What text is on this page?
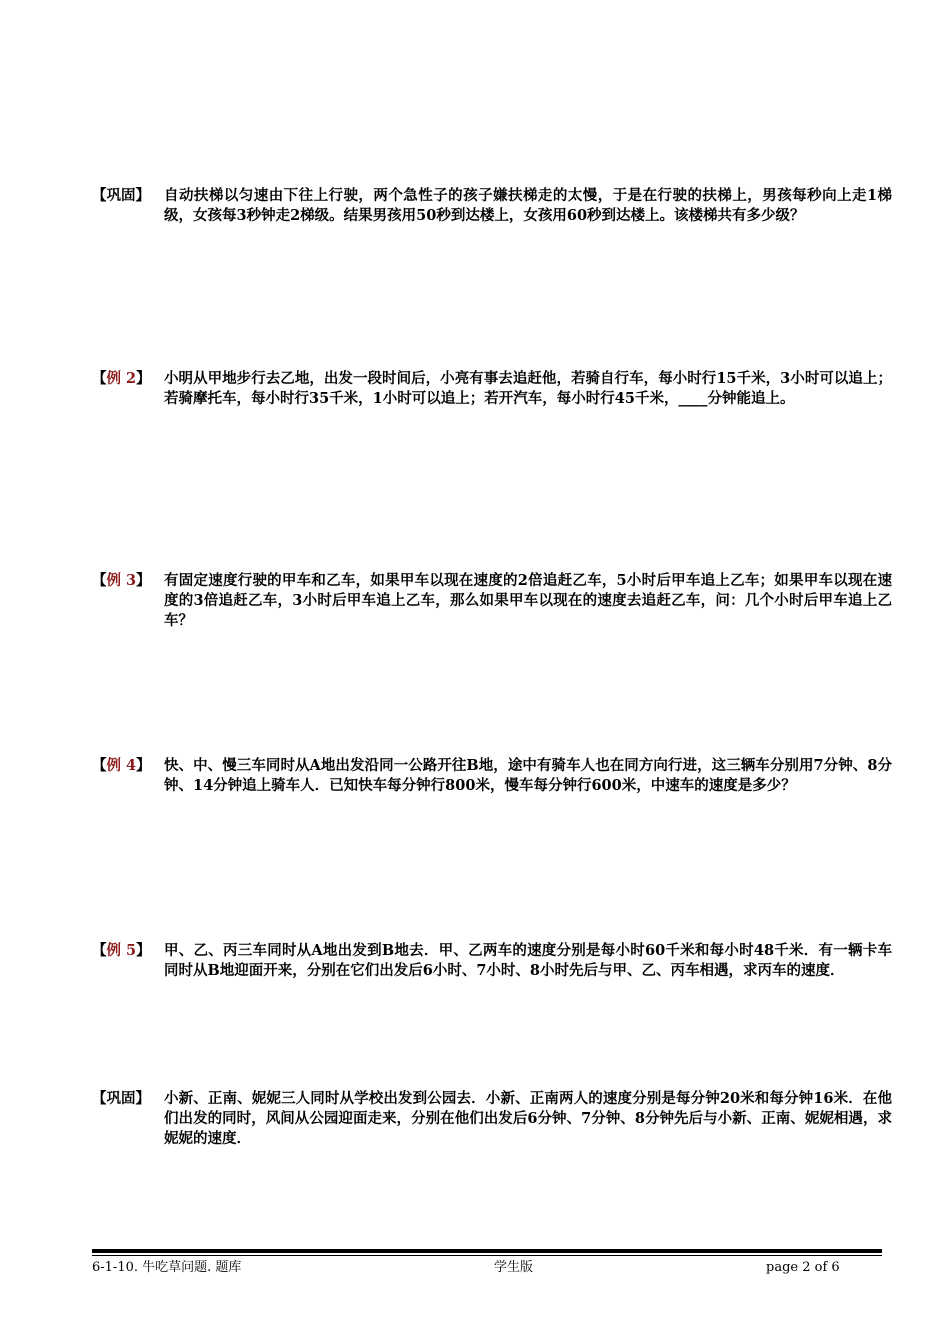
【巩固】 自动扶梯以匀速由下往上行驶，两个急性子的孩子嫌扶梯走的太慢，于是在行驶的扶梯上，男孩每秒向上走1梯级，女孩每3秒钟走2梯级。结果男孩用50秒到达楼上，女孩用60秒到达楼上。该楼梯共有多少级？
【例 2】 小明从甲地步行去乙地，出发一段时间后，小亮有事去追赶他，若骑自行车，每小时行15千米，3小时可以追上；若骑摩托车，每小时行35千米，1小时可以追上；若开汽车，每小时行45千米，____分钟能追上。
【例 3】 有固定速度行驶的甲车和乙车，如果甲车以现在速度的2倍追赶乙车，5小时后甲车追上乙车；如果甲车以现在速度的3倍追赶乙车，3小时后甲车追上乙车，那么如果甲车以现在的速度去追赶乙车，问：几个小时后甲车追上乙车？
【例 4】 快、中、慢三车同时从A地出发沿同一公路开往B地，途中有骑车人也在同方向行进，这三辆车分别用7分钟、8分钟、14分钟追上骑车人．已知快车每分钟行800米，慢车每分钟行600米，中速车的速度是多少？
【例 5】 甲、乙、丙三车同时从A地出发到B地去．甲、乙两车的速度分别是每小时60千米和每小时48千米．有一辆卡车同时从B地迎面开来，分别在它们出发后6小时、7小时、8小时先后与甲、乙、丙车相遇，求丙车的速度．
【巩固】 小新、正南、妮妮三人同时从学校出发到公园去．小新、正南两人的速度分别是每分钟20米和每分钟16米．在他们出发的同时，风间从公园迎面走来，分别在他们出发后6分钟、7分钟、8分钟先后与小新、正南、妮妮相遇，求妮妮的速度．
6-1-10. 牛吃草问题. 题库	学生版	page 2 of 6
